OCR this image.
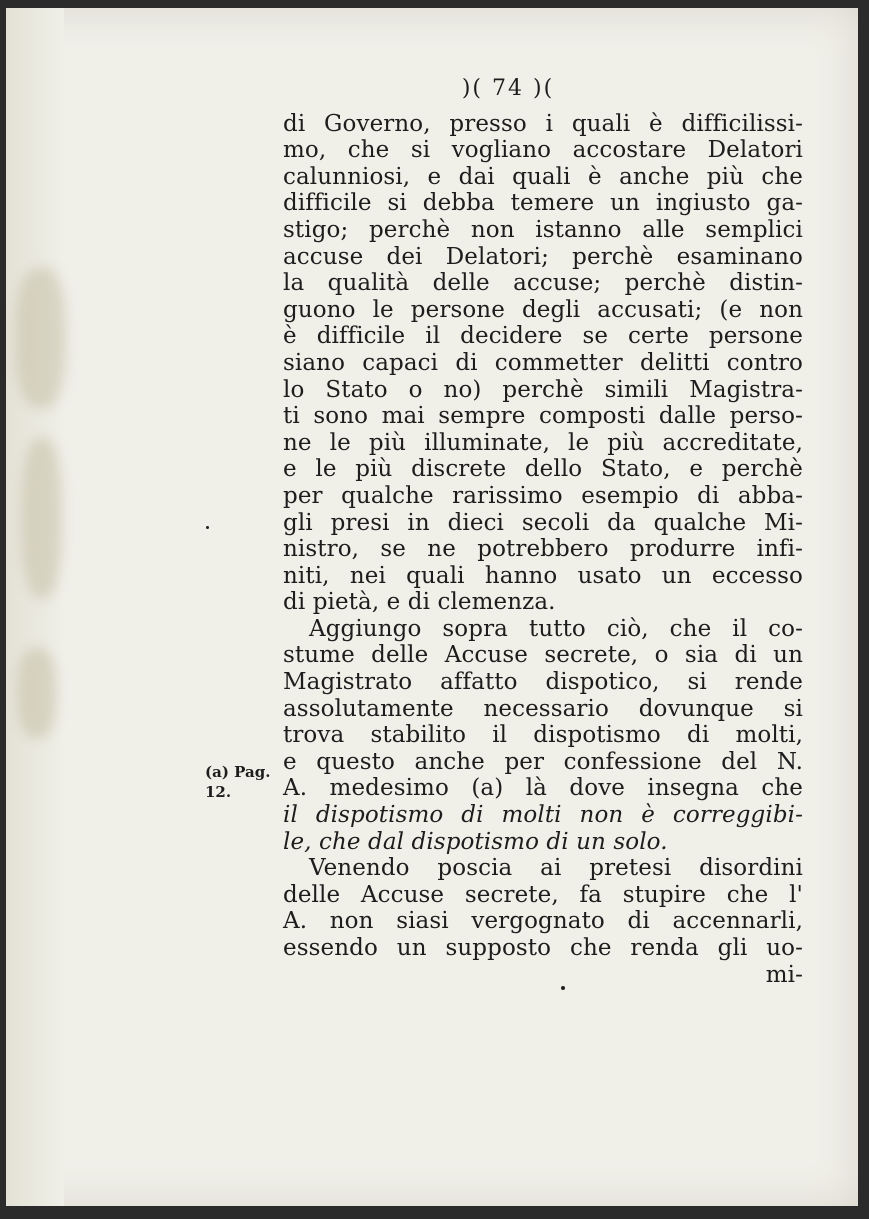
)( 74 )(
di Governo, presso i quali è difficilissi-
mo, che si vogliano accostare Delatori
calunniosi, e dai quali è anche più che
difficile si debba temere un ingiusto ga-
stigo; perchè non istanno alle semplici
accuse dei Delatori; perchè esaminano
la qualità delle accuse; perchè distin-
guono le persone degli accusati; (e non
è difficile il decidere se certe persone
siano capaci di commetter delitti contro
lo Stato o no) perchè simili Magistra-
ti sono mai sempre composti dalle perso-
ne le più illuminate, le più accreditate,
e le più discrete dello Stato, e perchè
per qualche rarissimo esempio di abba-
gli presi in dieci secoli da qualche Mi-
nistro, se ne potrebbero produrre infi-
niti, nei quali hanno usato un eccesso
di pietà, e di clemenza.
Aggiungo sopra tutto ciò, che il co-
stume delle Accuse secrete, o sia di un
Magistrato affatto dispotico, si rende
assolutamente necessario dovunque si
trova stabilito il dispotismo di molti,
e questo anche per confessione del N.
A. medesimo (a) là dove insegna che
il dispotismo di molti non è correggibi-
le, che dal dispotismo di un solo.
Venendo poscia ai pretesi disordini
delle Accuse secrete, fa stupire che l'
A. non siasi vergognato di accennarli,
essendo un supposto che renda gli uo-
mi-
(a) Pag.
12.
